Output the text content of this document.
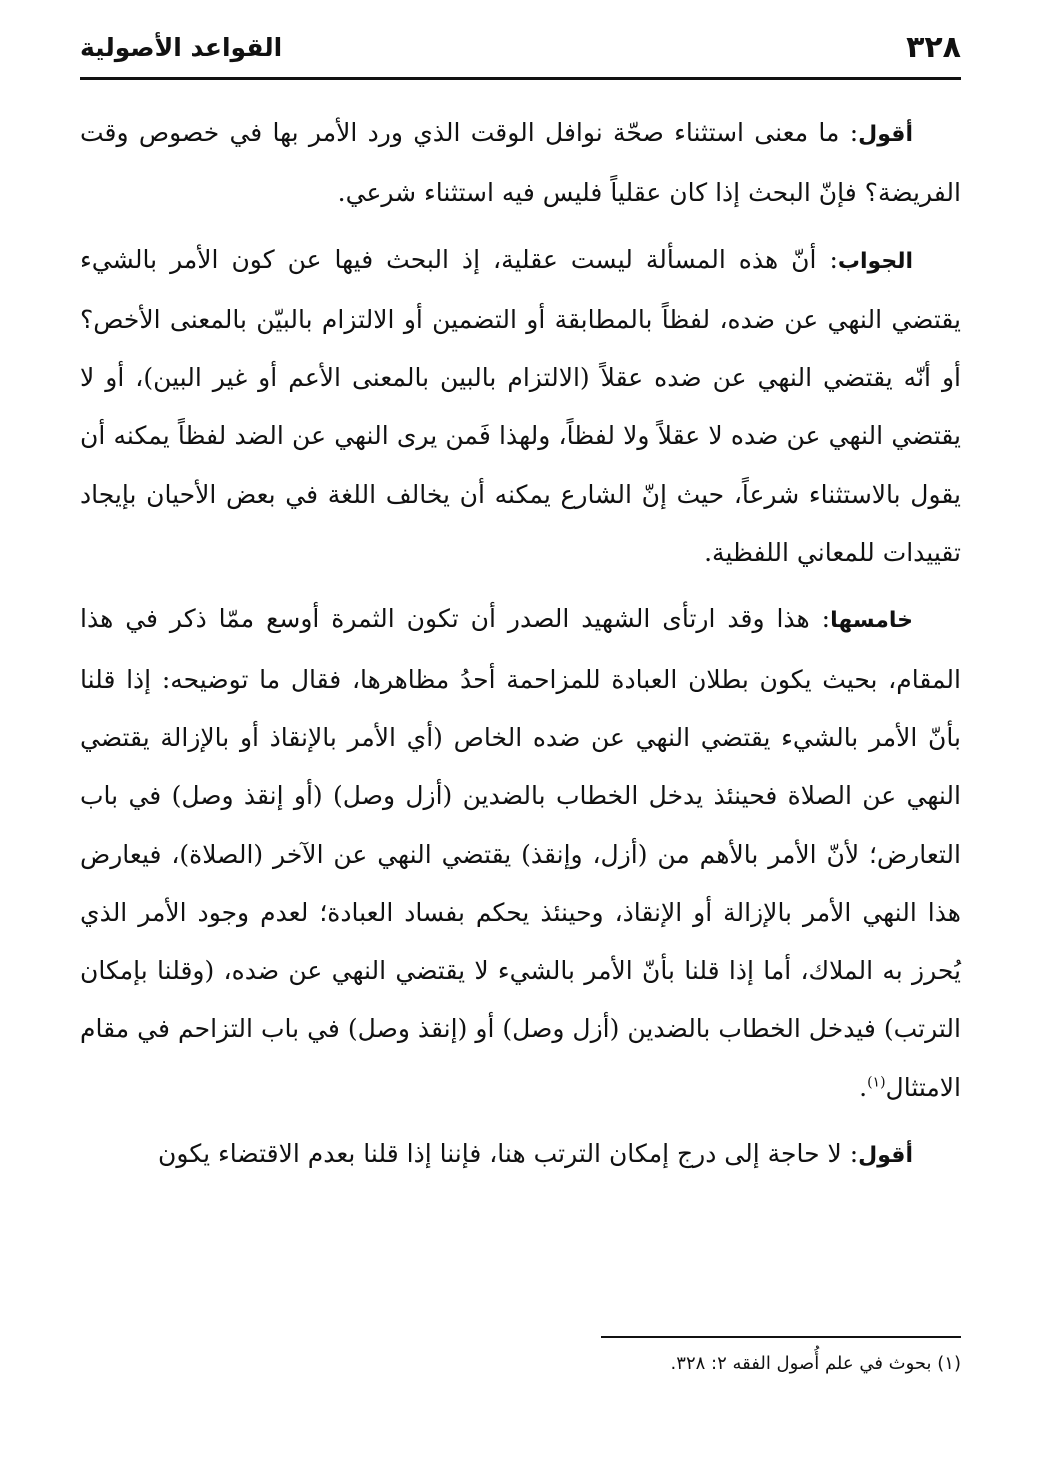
٣٢٨
القواعد الأصولية

أقول: ما معنى استثناء صحّة نوافل الوقت الذي ورد الأمر بها في خصوص وقت الفريضة؟ فإنّ البحث إذا كان عقلياً فليس فيه استثناء شرعي.

الجواب: أنّ هذه المسألة ليست عقلية، إذ البحث فيها عن كون الأمر بالشيء يقتضي النهي عن ضده، لفظاً بالمطابقة أو التضمين أو الالتزام بالبيّن بالمعنى الأخص؟ أو أنّه يقتضي النهي عن ضده عقلاً (الالتزام بالبين بالمعنى الأعم أو غير البين)، أو لا يقتضي النهي عن ضده لا عقلاً ولا لفظاً، ولهذا فَمن يرى النهي عن الضد لفظاً يمكنه أن يقول بالاستثناء شرعاً، حيث إنّ الشارع يمكنه أن يخالف اللغة في بعض الأحيان بإيجاد تقييدات للمعاني اللفظية.

خامسها: هذا وقد ارتأى الشهيد الصدر أن تكون الثمرة أوسع ممّا ذكر في هذا المقام، بحيث يكون بطلان العبادة للمزاحمة أحدُ مظاهرها، فقال ما توضيحه: إذا قلنا بأنّ الأمر بالشيء يقتضي النهي عن ضده الخاص (أي الأمر بالإنقاذ أو بالإزالة يقتضي النهي عن الصلاة فحينئذ يدخل الخطاب بالضدين (أزل وصل) (أو إنقذ وصل) في باب التعارض؛ لأنّ الأمر بالأهم من (أزل، وإنقذ) يقتضي النهي عن الآخر (الصلاة)، فيعارض هذا النهي الأمر بالإزالة أو الإنقاذ، وحينئذ يحكم بفساد العبادة؛ لعدم وجود الأمر الذي يُحرز به الملاك، أما إذا قلنا بأنّ الأمر بالشيء لا يقتضي النهي عن ضده، (وقلنا بإمكان الترتب) فيدخل الخطاب بالضدين (أزل وصل) أو (إنقذ وصل) في باب التزاحم في مقام الامتثال$^{(١)}$.

أقول: لا حاجة إلى درج إمكان الترتب هنا، فإننا إذا قلنا بعدم الاقتضاء يكون

(١) بحوث في علم أُصول الفقه ٢: ٣٢٨.
